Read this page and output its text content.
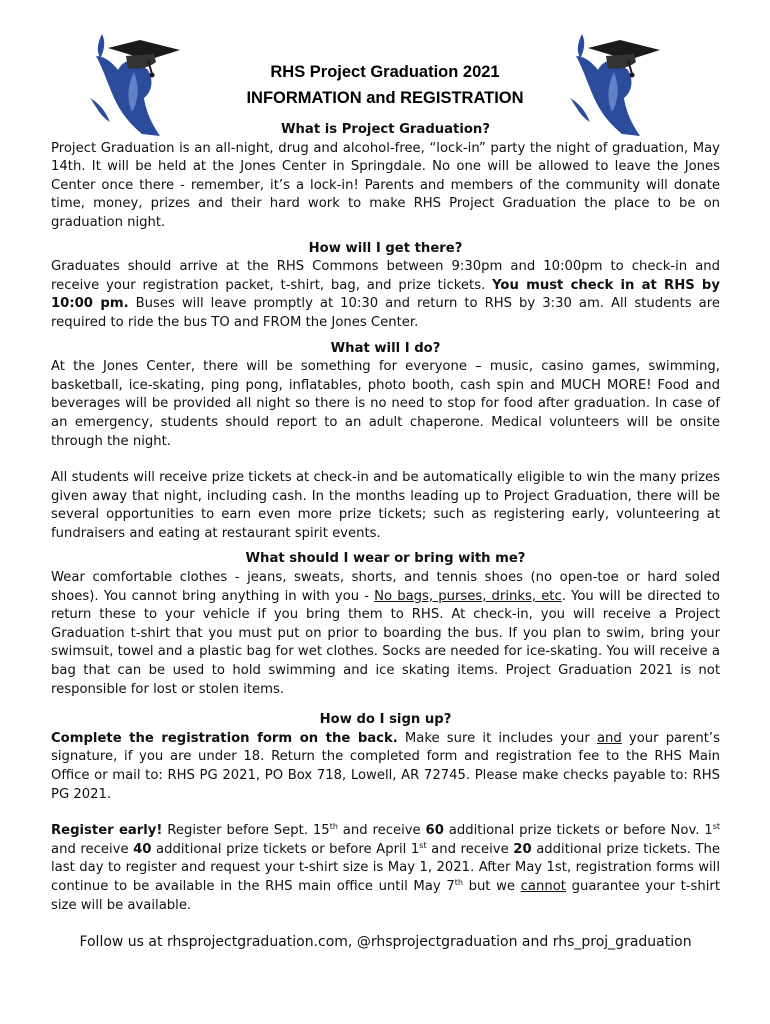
RHS Project Graduation 2021
INFORMATION and REGISTRATION

What is Project Graduation?

Project Graduation is an all-night, drug and alcohol-free, “lock-in” party the night of graduation, May 14th. It will be held at the Jones Center in Springdale. No one will be allowed to leave the Jones Center once there - remember, it’s a lock-in! Parents and members of the community will donate time, money, prizes and their hard work to make RHS Project Graduation the place to be on graduation night.

How will I get there?

Graduates should arrive at the RHS Commons between 9:30pm and 10:00pm to check-in and receive your registration packet, t-shirt, bag, and prize tickets. You must check in at RHS by 10:00 pm. Buses will leave promptly at 10:30 and return to RHS by 3:30 am. All students are required to ride the bus TO and FROM the Jones Center.

What will I do?

At the Jones Center, there will be something for everyone – music, casino games, swimming, basketball, ice-skating, ping pong, inflatables, photo booth, cash spin and MUCH MORE! Food and beverages will be provided all night so there is no need to stop for food after graduation. In case of an emergency, students should report to an adult chaperone. Medical volunteers will be onsite through the night.

All students will receive prize tickets at check-in and be automatically eligible to win the many prizes given away that night, including cash. In the months leading up to Project Graduation, there will be several opportunities to earn even more prize tickets; such as registering early, volunteering at fundraisers and eating at restaurant spirit events.

What should I wear or bring with me?

Wear comfortable clothes - jeans, sweats, shorts, and tennis shoes (no open-toe or hard soled shoes). You cannot bring anything in with you - No bags, purses, drinks, etc. You will be directed to return these to your vehicle if you bring them to RHS. At check-in, you will receive a Project Graduation t-shirt that you must put on prior to boarding the bus. If you plan to swim, bring your swimsuit, towel and a plastic bag for wet clothes. Socks are needed for ice-skating. You will receive a bag that can be used to hold swimming and ice skating items. Project Graduation 2021 is not responsible for lost or stolen items.

How do I sign up?

Complete the registration form on the back. Make sure it includes your and your parent’s signature, if you are under 18. Return the completed form and registration fee to the RHS Main Office or mail to: RHS PG 2021, PO Box 718, Lowell, AR 72745. Please make checks payable to: RHS PG 2021.

Register early! Register before Sept. 15th and receive 60 additional prize tickets or before Nov. 1st and receive 40 additional prize tickets or before April 1st and receive 20 additional prize tickets. The last day to register and request your t-shirt size is May 1, 2021. After May 1st, registration forms will continue to be available in the RHS main office until May 7th but we cannot guarantee your t-shirt size will be available.

Follow us at rhsprojectgraduation.com, @rhsprojectgraduation and rhs_proj_graduation
